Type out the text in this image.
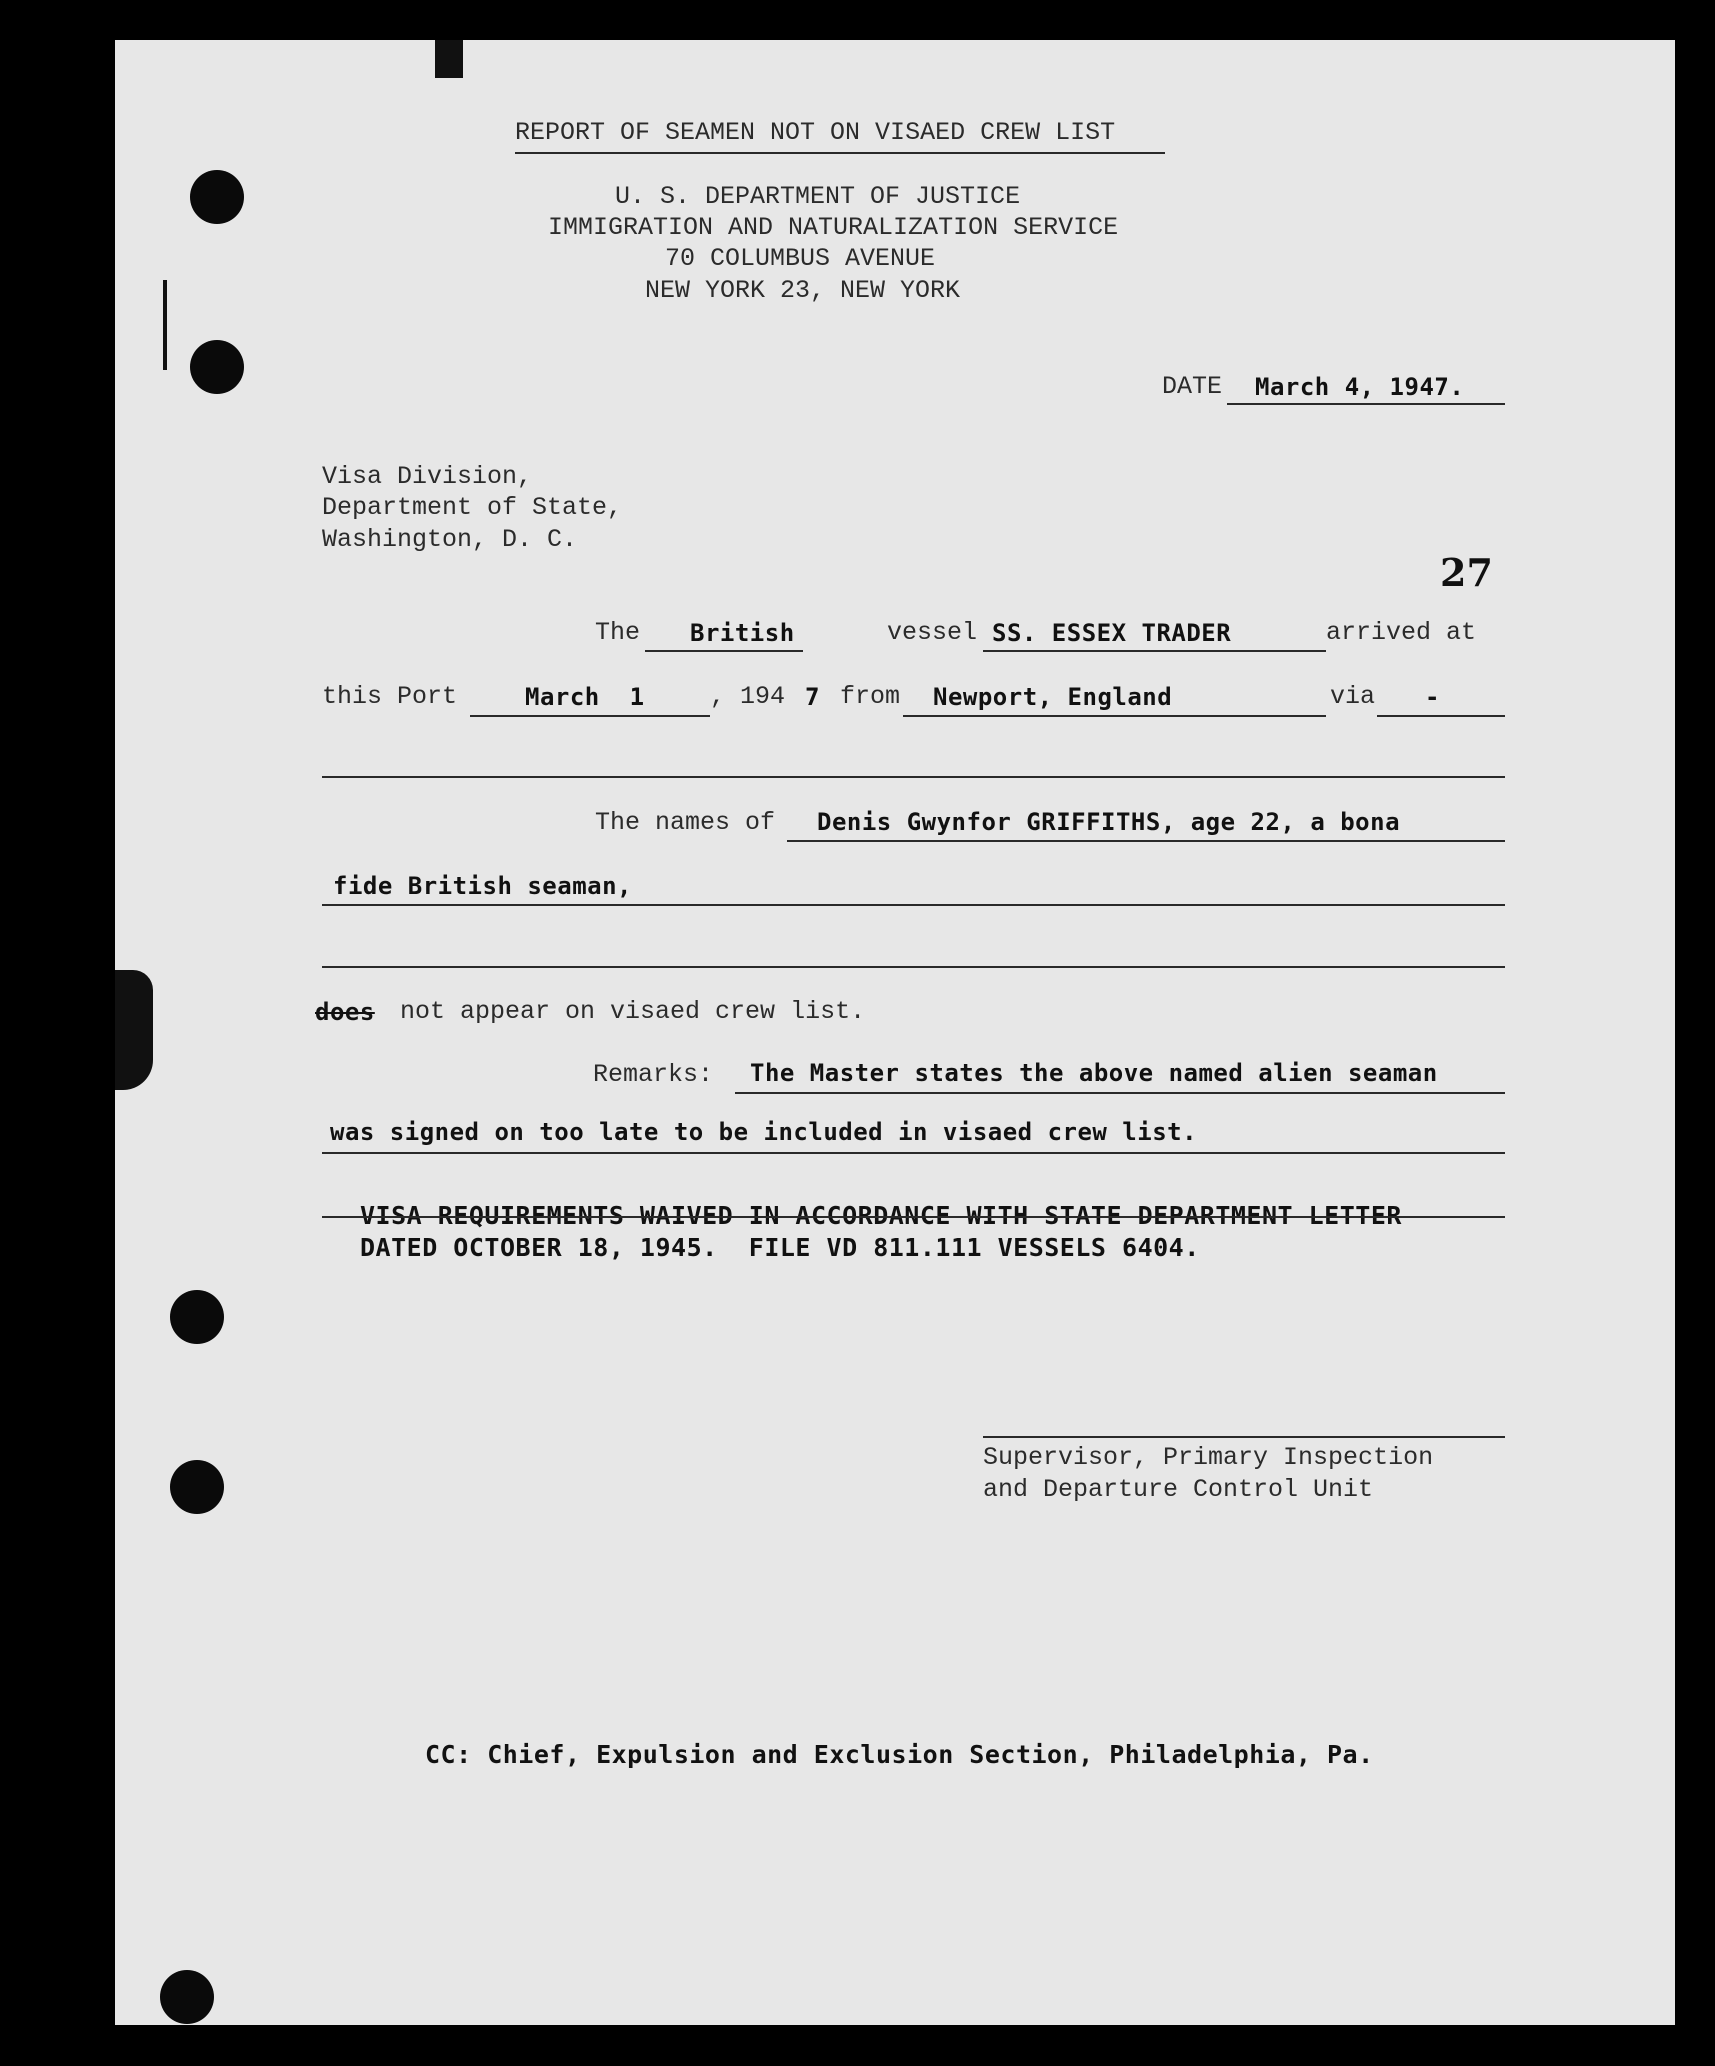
REPORT OF SEAMEN NOT ON VISAED CREW LIST
U. S. DEPARTMENT OF JUSTICE
IMMIGRATION AND NATURALIZATION SERVICE
70 COLUMBUS AVENUE
NEW YORK 23, NEW YORK
DATE March 4, 1947.
Visa Division,
Department of State,
Washington, D. C.
27
The British	vessel SS. ESSEX TRADER	arrived at
this Port	March  1	, 194 7 from Newport, England	via -
The names of Denis Gwynfor GRIFFITHS, age 22, a bona
fide British seaman,
does not appear on visaed crew list.
Remarks: The Master states the above named alien seaman
was signed on too late to be included in visaed crew list.
VISA REQUIREMENTS WAIVED IN ACCORDANCE WITH STATE DEPARTMENT LETTER
DATED OCTOBER 18, 1945.  FILE VD 811.111 VESSELS 6404.
Supervisor, Primary Inspection
and Departure Control Unit
CC: Chief, Expulsion and Exclusion Section, Philadelphia, Pa.
